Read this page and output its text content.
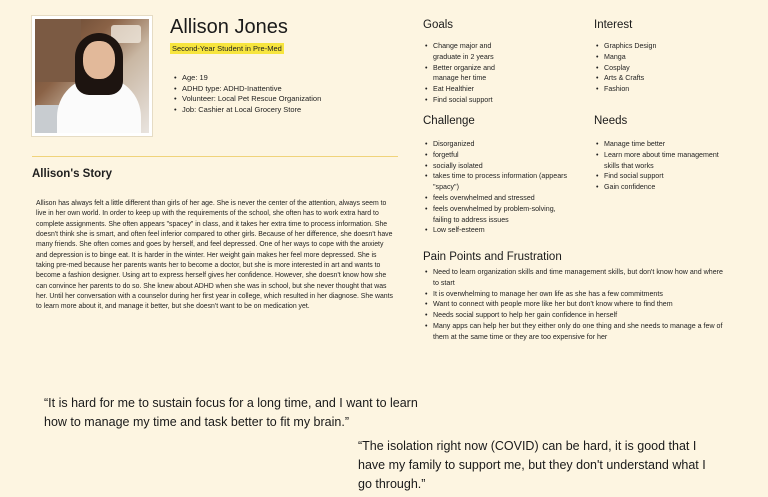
Allison Jones
Second-Year Student in Pre-Med
• Age: 19
• ADHD type: ADHD-Inattentive
• Volunteer: Local Pet Rescue Organization
• Job: Cashier at Local Grocery Store
Allison's Story

Allison has always felt a little different than girls of her age. She is never the center of the attention, always seem to live in her own world. In order to keep up with the requirements of the school, she often has to work extra hard to complete assignments. She often appears "spacey" in class, and it takes her extra time to process information. She doesn't think she is smart, and often feel inferior compared to other girls. Because of her difference, she doesn't have many friends. She often comes and goes by herself, and feel depressed. One of her ways to cope with the anxiety and depression is to binge eat. It is harder in the winter. Her weight gain makes her feel more depressed. She is taking pre-med because her parents wants her to become a doctor, but she is more interested in art and wants to become a fashion designer. Using art to express herself gives her confidence. However, she doesn't know how she can convince her parents to do so. She knew about ADHD when she was in school, but she never thought that was her. Until her conversation with a counselor during her first year in college, which resulted in her diagnose. She wants to learn more about it, and manage it better, but she doesn't want to be on medication yet.

Goals
• Change major and graduate in 2 years
• Better organize and manage her time
• Eat Healthier
• Find social support
Interest
• Graphics Design
• Manga
• Cosplay
• Arts & Crafts
• Fashion
Challenge
• Disorganized
• forgetful
• socially isolated
• takes time to process information (appears "spacy")
• feels overwhelmed and stressed
• feels overwhelmed by problem-solving, failing to address issues
• Low self-esteem
Needs
• Manage time better
• Learn more about time management skills that works
• Find social support
• Gain confidence
Pain Points and Frustration
• Need to learn organization skills and time management skills, but don't know how and where to start
• It is overwhelming to manage her own life as she has a few commitments
• Want to connect with people more like her but don't know where to find them
• Needs social support to help her gain confidence in herself
• Many apps can help her but they either only do one thing and she needs to manage a few of them at the same time or they are too expensive for her

“It is hard for me to sustain focus for a long time, and I want to learn how to manage my time and task better to fit my brain.”

“The isolation right now (COVID) can be hard, it is good that I have my family to support me, but they don't understand what I go through.”
